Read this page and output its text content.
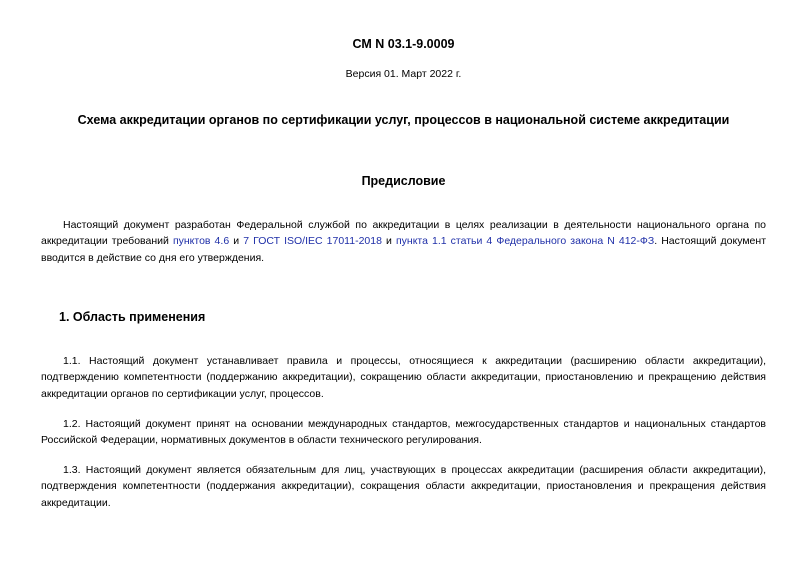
СМ N 03.1-9.0009
Версия 01. Март 2022 г.
Схема аккредитации органов по сертификации услуг, процессов в национальной системе аккредитации
Предисловие

Настоящий документ разработан Федеральной службой по аккредитации в целях реализации в деятельности национального органа по аккредитации требований пунктов 4.6 и 7 ГОСТ ISO/IEC 17011-2018 и пункта 1.1 статьи 4 Федерального закона N 412-ФЗ. Настоящий документ вводится в действие со дня его утверждения.

1. Область применения

1.1. Настоящий документ устанавливает правила и процессы, относящиеся к аккредитации (расширению области аккредитации), подтверждению компетентности (поддержанию аккредитации), сокращению области аккредитации, приостановлению и прекращению действия аккредитации органов по сертификации услуг, процессов.

1.2. Настоящий документ принят на основании международных стандартов, межгосударственных стандартов и национальных стандартов Российской Федерации, нормативных документов в области технического регулирования.

1.3. Настоящий документ является обязательным для лиц, участвующих в процессах аккредитации (расширения области аккредитации), подтверждения компетентности (поддержания аккредитации), сокращения области аккредитации, приостановления и прекращения действия аккредитации.
